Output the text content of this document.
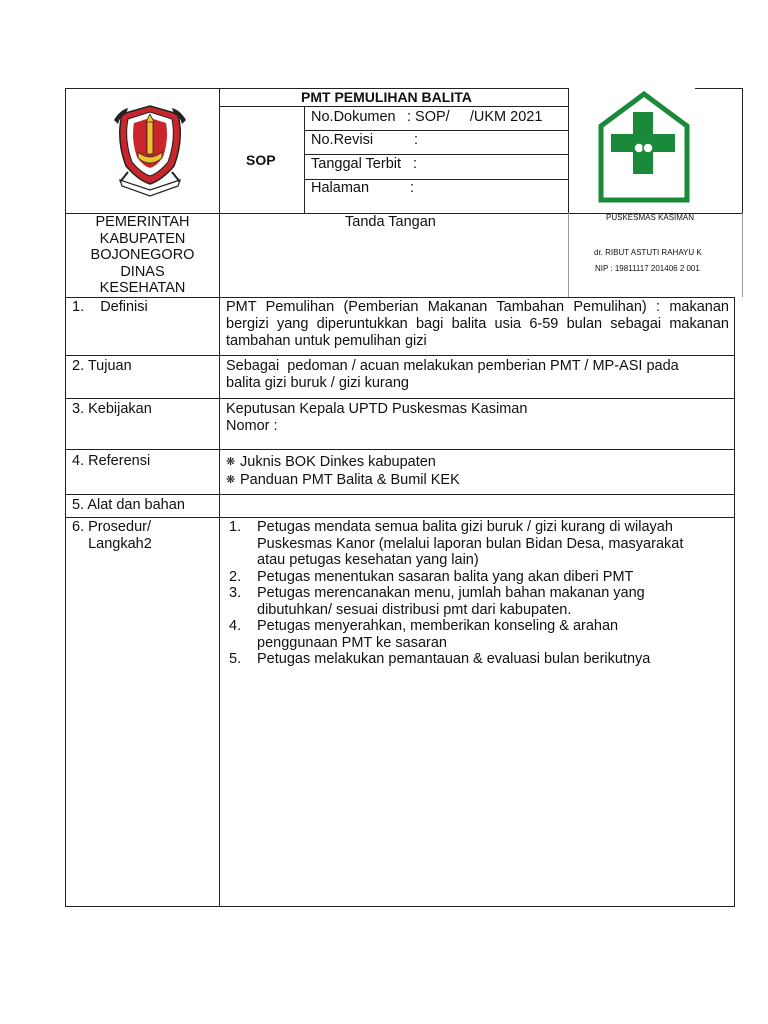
PMT PEMULIHAN BALITA
SOP
No.Dokumen : SOP/     /UKM 2021
No.Revisi	:
Tanggal Terbit :
Halaman	:
PEMERINTAH
KABUPATEN
BOJONEGORO
DINAS
KESEHATAN
Tanda Tangan	PUSKESMAS KASIMAN
dr. RIBUT ASTUTI RAHAYU K
NIP : 19811117 201406 2 001
1.    Definisi	PMT Pemulihan (Pemberian Makanan Tambahan Pemulihan) : makanan bergizi yang diperuntukkan bagi balita usia 6-59 bulan sebagai makanan tambahan untuk pemulihan gizi
2. Tujuan	Sebagai  pedoman / acuan melakukan pemberian PMT / MP-ASI pada
balita gizi buruk / gizi kurang
3. Kebijakan	Keputusan Kepala UPTD Puskesmas Kasiman
Nomor :
4. Referensi	❋ Juknis BOK Dinkes kabupaten
❋ Panduan PMT Balita & Bumil KEK
5. Alat dan bahan
6. Prosedur/
Langkah2
1. Petugas mendata semua balita gizi buruk / gizi kurang di wilayah
Puskesmas Kanor (melalui laporan bulan Bidan Desa, masyarakat
atau petugas kesehatan yang lain)
2. Petugas menentukan sasaran balita yang akan diberi PMT
3. Petugas merencanakan menu, jumlah bahan makanan yang
dibutuhkan/ sesuai distribusi pmt dari kabupaten.
4. Petugas menyerahkan, memberikan konseling & arahan
penggunaan PMT ke sasaran
5. Petugas melakukan pemantauan & evaluasi bulan berikutnya
